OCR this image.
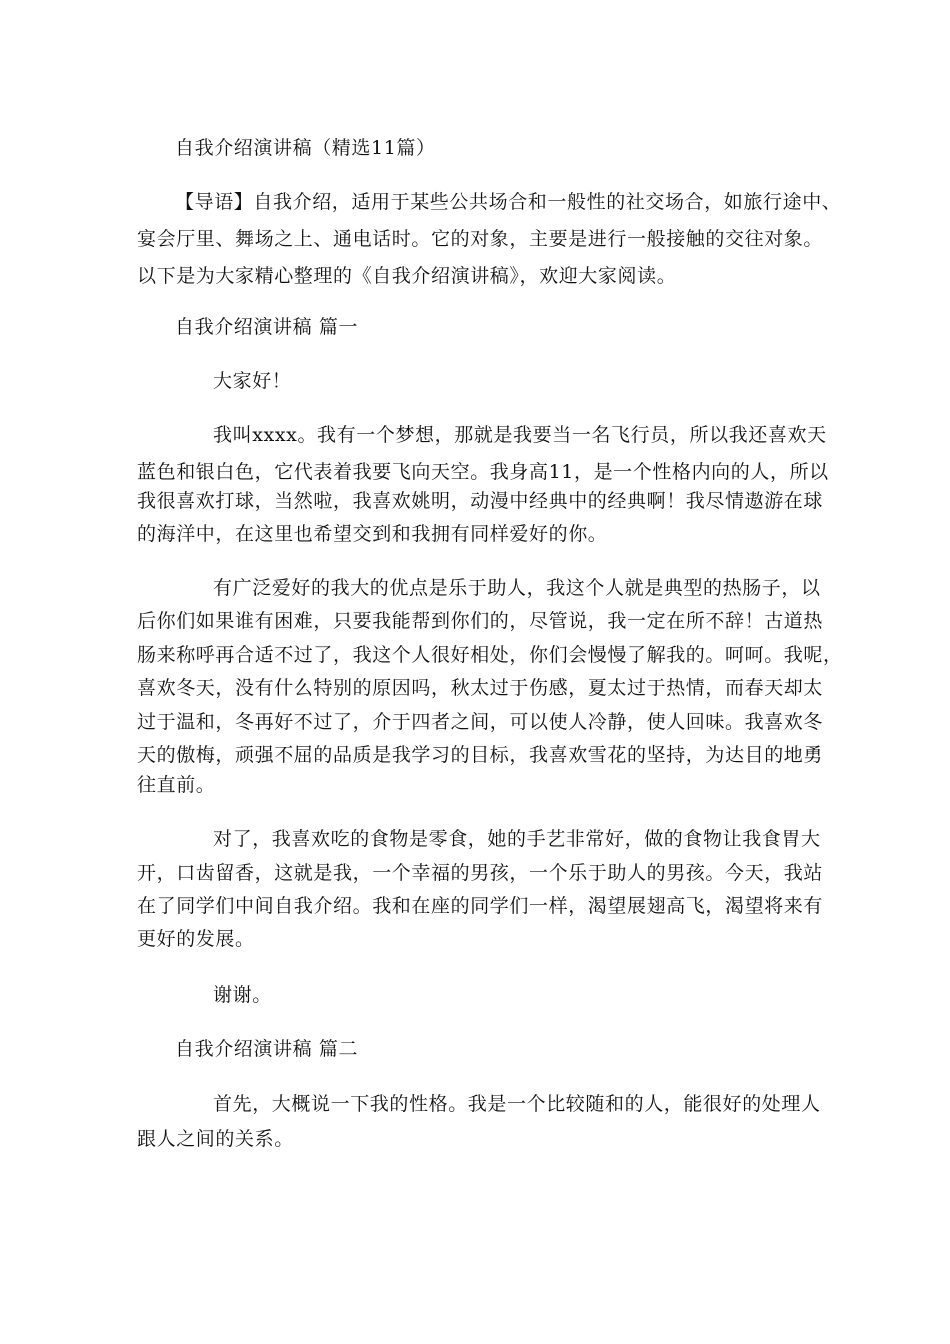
自我介绍演讲稿（精选11篇）
【导语】自我介绍，适用于某些公共场合和一般性的社交场合，如旅行途中、
宴会厅里、舞场之上、通电话时。它的对象，主要是进行一般接触的交往对象。
以下是为大家精心整理的《自我介绍演讲稿》，欢迎大家阅读。
自我介绍演讲稿 篇一
大家好！
我叫xxxx。我有一个梦想，那就是我要当一名飞行员，所以我还喜欢天
蓝色和银白色，它代表着我要飞向天空。我身高11，是一个性格内向的人，所以
我很喜欢打球，当然啦，我喜欢姚明，动漫中经典中的经典啊！我尽情遨游在球
的海洋中，在这里也希望交到和我拥有同样爱好的你。
有广泛爱好的我大的优点是乐于助人，我这个人就是典型的热肠子，以
后你们如果谁有困难，只要我能帮到你们的，尽管说，我一定在所不辞！古道热
肠来称呼再合适不过了，我这个人很好相处，你们会慢慢了解我的。呵呵。我呢，
喜欢冬天，没有什么特别的原因吗，秋太过于伤感，夏太过于热情，而春天却太
过于温和，冬再好不过了，介于四者之间，可以使人冷静，使人回味。我喜欢冬
天的傲梅，顽强不屈的品质是我学习的目标，我喜欢雪花的坚持，为达目的地勇
往直前。
对了，我喜欢吃的食物是零食，她的手艺非常好，做的食物让我食胃大
开，口齿留香，这就是我，一个幸福的男孩，一个乐于助人的男孩。今天，我站
在了同学们中间自我介绍。我和在座的同学们一样，渴望展翅高飞，渴望将来有
更好的发展。
谢谢。
自我介绍演讲稿 篇二
首先，大概说一下我的性格。我是一个比较随和的人，能很好的处理人
跟人之间的关系。
